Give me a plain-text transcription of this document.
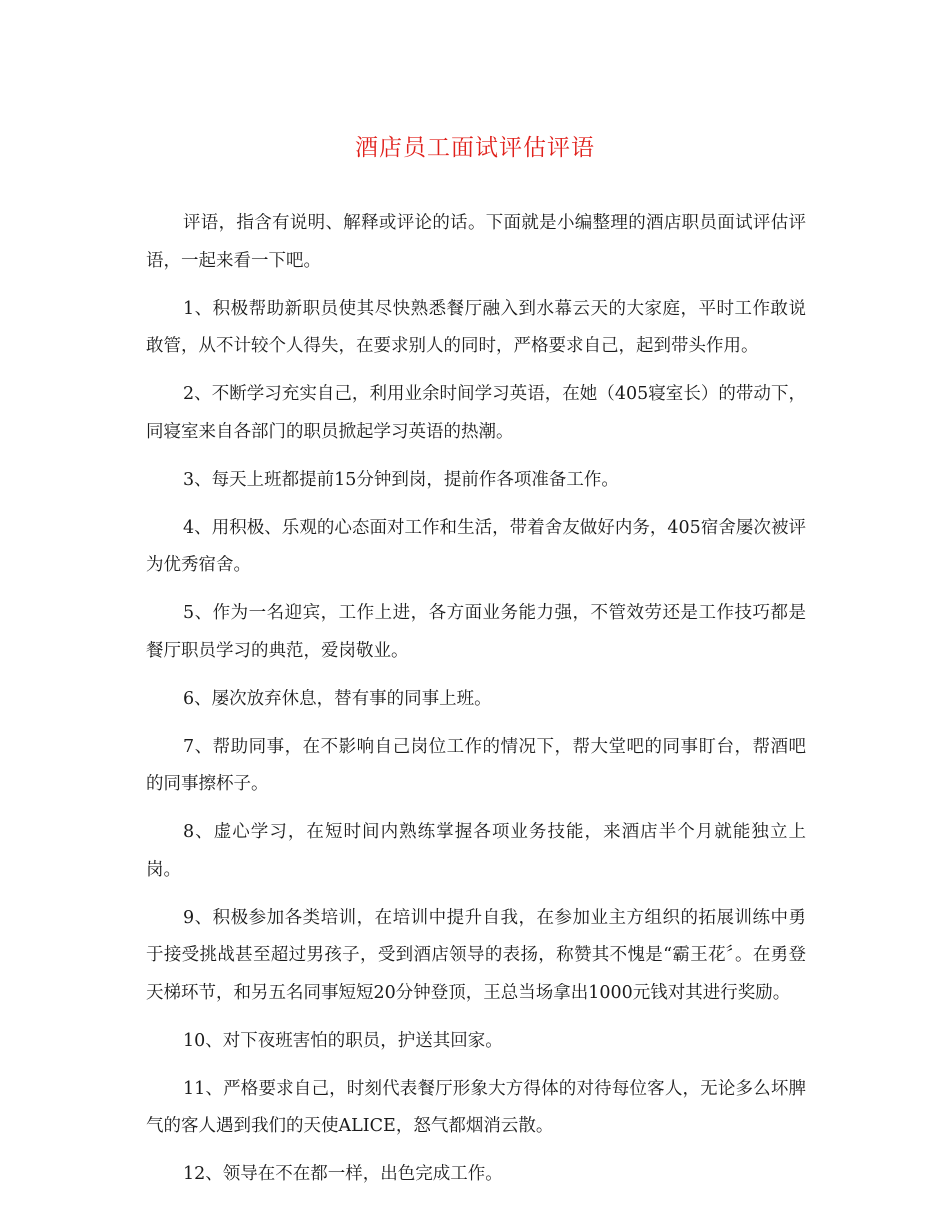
酒店员工面试评估评语

评语，指含有说明、解释或评论的话。下面就是小编整理的酒店职员面试评估评语，一起来看一下吧。

1、积极帮助新职员使其尽快熟悉餐厅融入到水幕云天的大家庭，平时工作敢说敢管，从不计较个人得失，在要求别人的同时，严格要求自己，起到带头作用。

2、不断学习充实自己，利用业余时间学习英语，在她（405寝室长）的带动下，同寝室来自各部门的职员掀起学习英语的热潮。

3、每天上班都提前15分钟到岗，提前作各项准备工作。

4、用积极、乐观的心态面对工作和生活，带着舍友做好内务，405宿舍屡次被评为优秀宿舍。

5、作为一名迎宾，工作上进，各方面业务能力强，不管效劳还是工作技巧都是餐厅职员学习的典范，爱岗敬业。

6、屡次放弃休息，替有事的同事上班。

7、帮助同事，在不影响自己岗位工作的情况下，帮大堂吧的同事盯台，帮酒吧的同事擦杯子。

8、虚心学习，在短时间内熟练掌握各项业务技能，来酒店半个月就能独立上岗。

9、积极参加各类培训，在培训中提升自我，在参加业主方组织的拓展训练中勇于接受挑战甚至超过男孩子，受到酒店领导的表扬，称赞其不愧是“霸王花〞。在勇登天梯环节，和另五名同事短短20分钟登顶，王总当场拿出1000元钱对其进行奖励。

10、对下夜班害怕的职员，护送其回家。

11、严格要求自己，时刻代表餐厅形象大方得体的对待每位客人，无论多么坏脾气的客人遇到我们的天使ALICE，怒气都烟消云散。

12、领导在不在都一样，出色完成工作。
